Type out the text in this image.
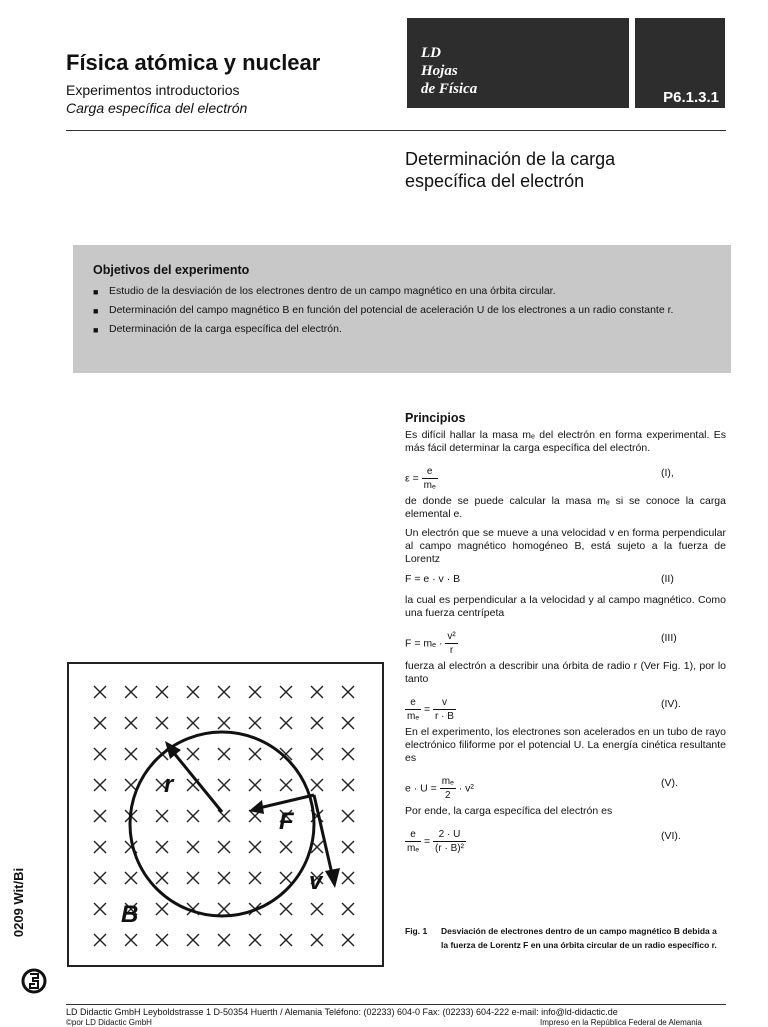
Física atómica y nuclear
Experimentos introductorios
Carga específica del electrón
LD
Hojas
de Física	P6.1.3.1
Determinación de la carga
específica del electrón
Objetivos del experimento
■ Estudio de la desviación de los electrones dentro de un campo magnético en una órbita circular.
■ Determinación del campo magnético B en función del potencial de aceleración U de los electrones a un radio constante r.
■ Determinación de la carga específica del electrón.
Principios

Es difícil hallar la masa mₑ del electrón en forma experimental. Es más fácil determinar la carga específica del electrón.

$\varepsilon = \frac{e}{\text{mₑ}}$	(I),

de donde se puede calcular la masa mₑ si se conoce la carga elemental e.

Un electrón que se mueve a una velocidad v en forma perpendicular al campo magnético homogéneo B, está sujeto a la fuerza de Lorentz

F = e · v · B	(II)

la cual es perpendicular a la velocidad y al campo magnético. Como una fuerza centrípeta

$F = m_e \cdot \frac{\text{v²}}{r}$	(III)

fuerza al electrón a describir una órbita de radio r (Ver Fig. 1), por lo tanto

$\frac{e}{\text{mₑ}} = \frac{v}{r \cdot B}$	(IV).

En el experimento, los electrones son acelerados en un tubo de rayo electrónico filiforme por el potencial U. La energía cinética resultante es

$e \cdot U = \frac{\text{mₑ}}{2} \cdot v^2$	(V).

Por ende, la carga específica del electrón es

$\frac{e}{\text{mₑ}} = \frac{2 \cdot U}{\text{(r · B)²}}$	(VI).
r
F
v
B
Fig. 1 Desviación de electrones dentro de un campo magnético B debida a la fuerza de Lorentz F en una órbita circular de un radio específico r.
0209 Wit/Bi
LD Didactic GmbH Leyboldstrasse 1 D-50354 Huerth / Alemania Teléfono: (02233) 604-0 Fax: (02233) 604-222 e-mail: info@ld-didactic.de
©por LD Didactic GmbH	Impreso en la República Federal de Alemania
